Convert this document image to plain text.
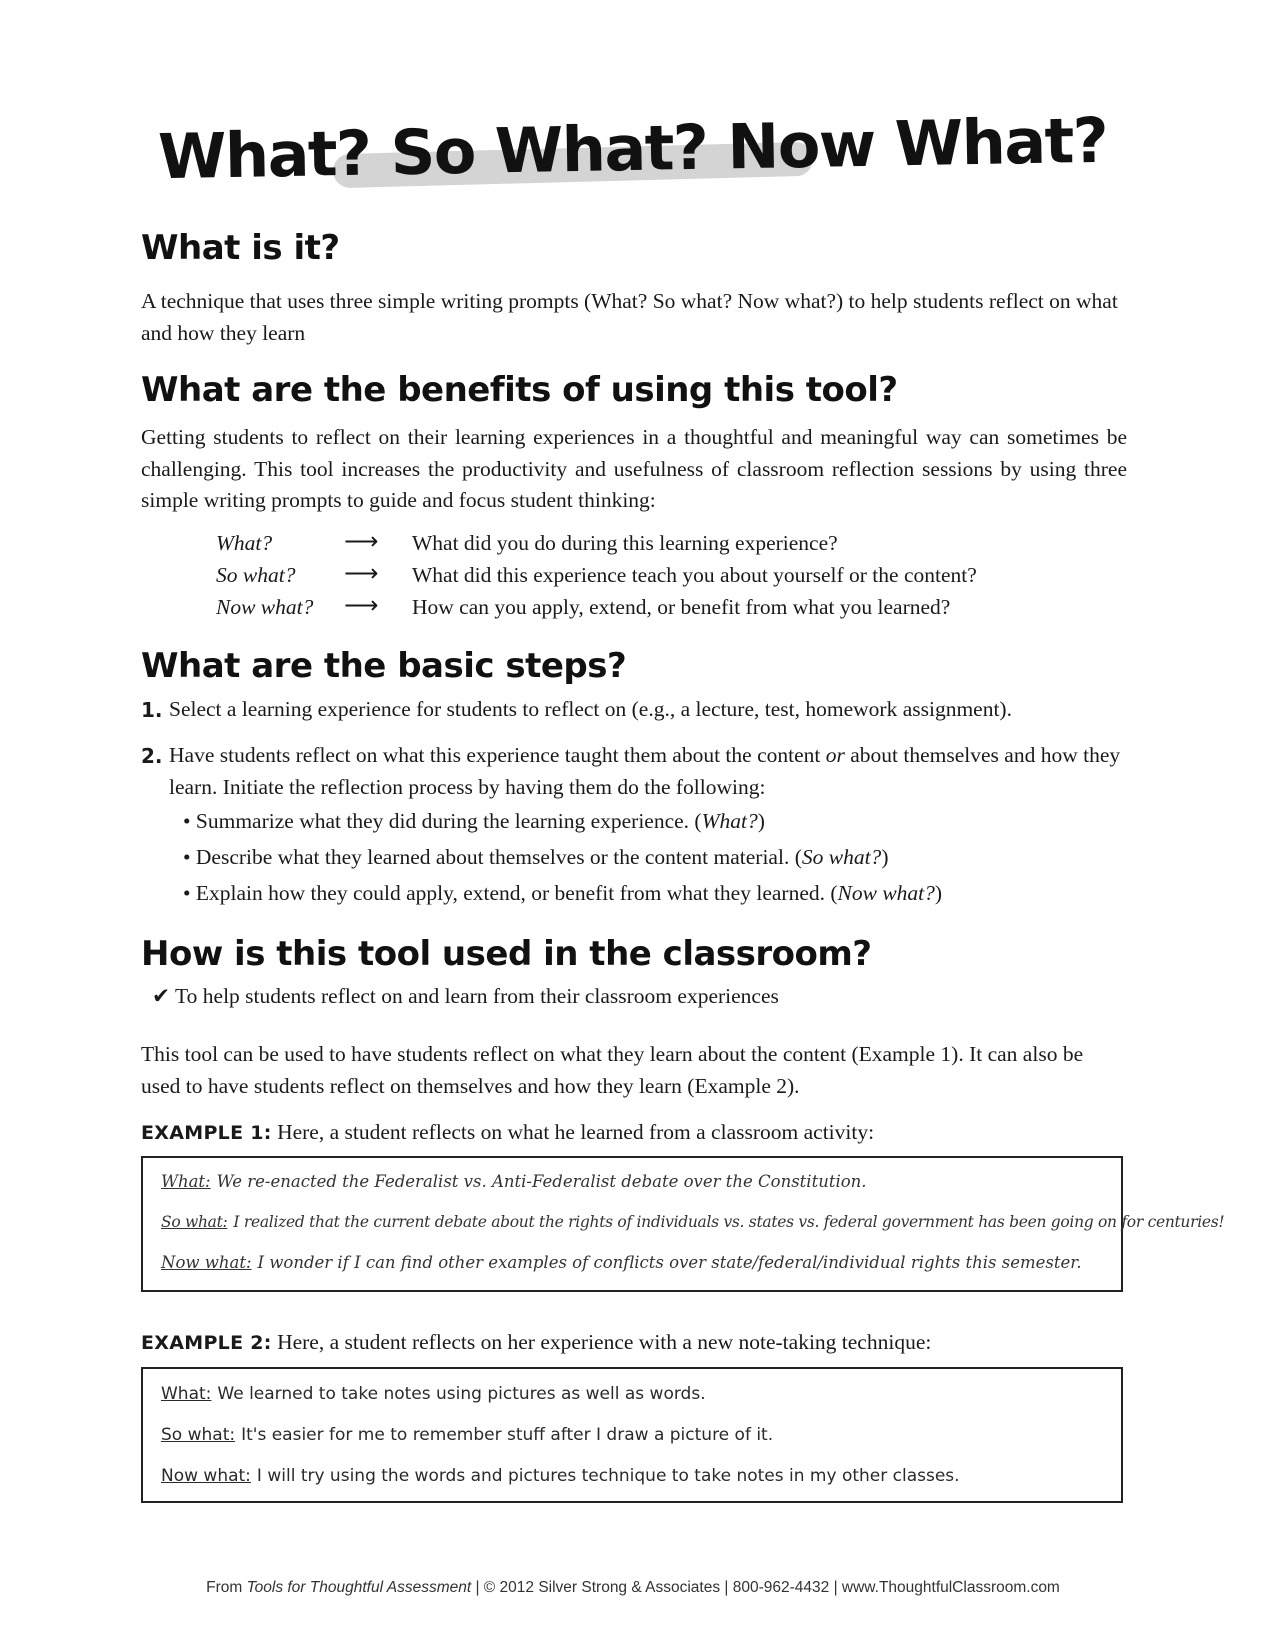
What? So What? Now What?
What is it?

A technique that uses three simple writing prompts (What? So what? Now what?) to help students reflect on what and how they learn

What are the benefits of using this tool?

Getting students to reflect on their learning experiences in a thoughtful and meaningful way can sometimes be challenging. This tool increases the productivity and usefulness of classroom reflection sessions by using three simple writing prompts to guide and focus student thinking:

What?	⟶ What did you do during this learning experience?
So what? ⟶ What did this experience teach you about yourself or the content?
Now what? ⟶ How can you apply, extend, or benefit from what you learned?
What are the basic steps?
1. Select a learning experience for students to reflect on (e.g., a lecture, test, homework assignment).

2. Have students reflect on what this experience taught them about the content or about themselves and how they learn. Initiate the reflection process by having them do the following:

• Summarize what they did during the learning experience. (What?)
• Describe what they learned about themselves or the content material. (So what?)
• Explain how they could apply, extend, or benefit from what they learned. (Now what?)
How is this tool used in the classroom?
✔ To help students reflect on and learn from their classroom experiences

This tool can be used to have students reflect on what they learn about the content (Example 1). It can also be used to have students reflect on themselves and how they learn (Example 2).

EXAMPLE 1: Here, a student reflects on what he learned from a classroom activity:
What: We re-enacted the Federalist vs. Anti-Federalist debate over the Constitution.
So what: I realized that the current debate about the rights of individuals vs. states vs. federal government has been going on for centuries!
Now what: I wonder if I can find other examples of conflicts over state/federal/individual rights this semester.
EXAMPLE 2: Here, a student reflects on her experience with a new note-taking technique:
What: We learned to take notes using pictures as well as words.
So what: It's easier for me to remember stuff after I draw a picture of it.
Now what: I will try using the words and pictures technique to take notes in my other classes.
From Tools for Thoughtful Assessment | © 2012 Silver Strong & Associates | 800-962-4432 | www.ThoughtfulClassroom.com
